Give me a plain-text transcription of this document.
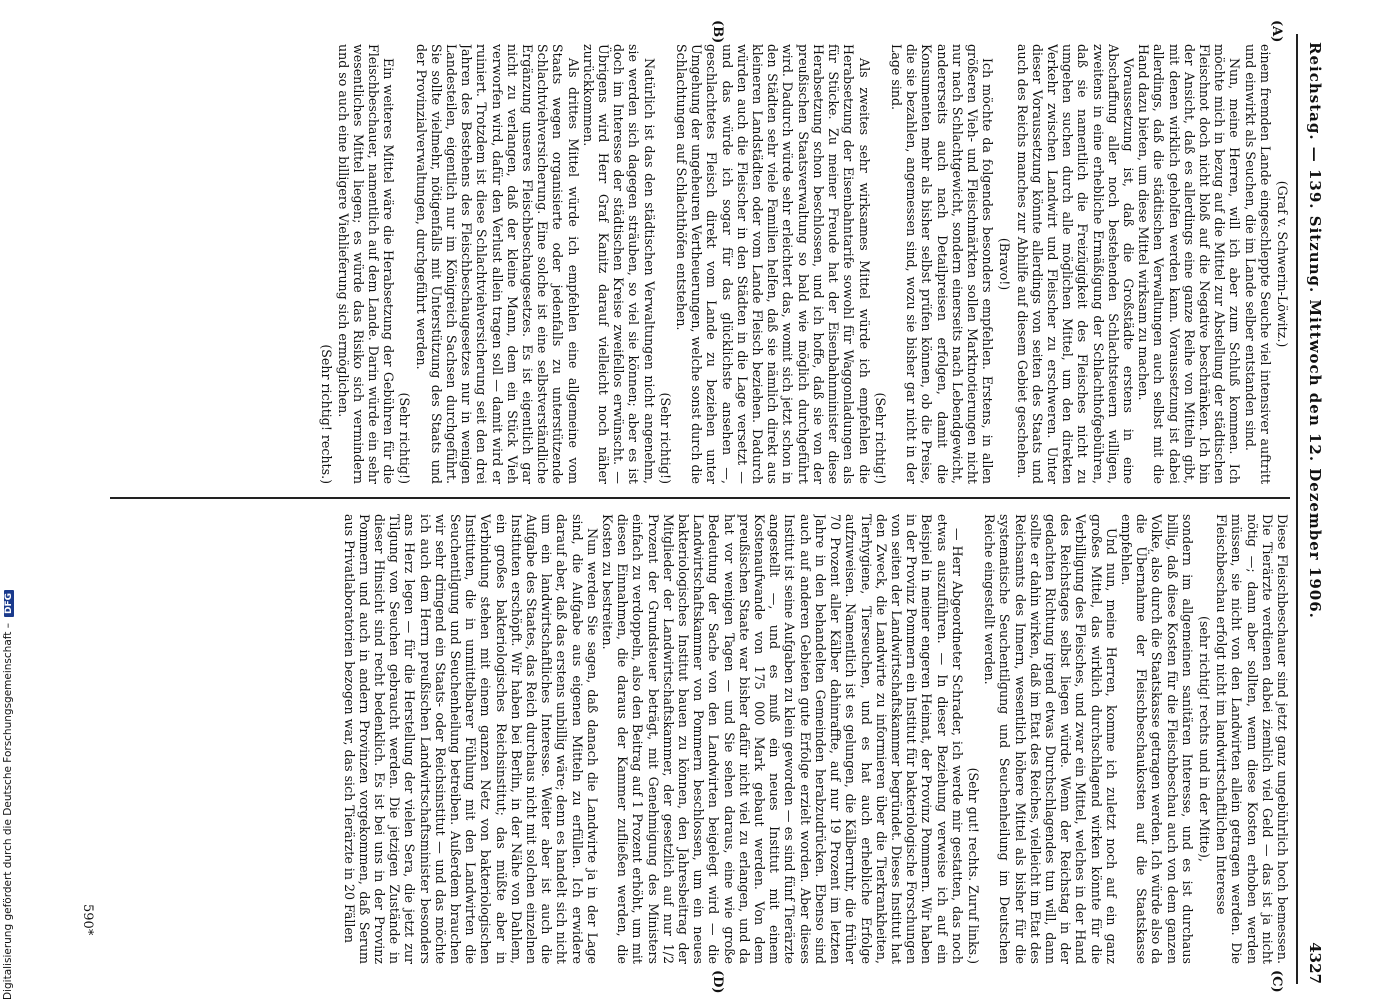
Reichstag. — 139. Sitzung. Mittwoch den 12. Dezember 1906.
4327
(A)
(B)
(C)
(D)
(Graf v. Schwerin-Löwitz.)

einem fremden Lande eingeschleppte Seuche viel intensiver auftritt und einwirkt als Seuchen, die im Lande selber entstanden sind.

Nun, meine Herren, will ich aber zum Schluß kommen. Ich möchte mich in bezug auf die Mittel zur Abstellung der städtischen Fleischnot doch nicht bloß auf die Negative beschränken. Ich bin der Ansicht, daß es allerdings eine ganze Reihe von Mitteln gibt, mit denen wirklich geholfen werden kann. Voraussetzung ist dabei allerdings, daß die städtischen Verwaltungen auch selbst mit die Hand dazu bieten, um diese Mittel wirksam zu machen.

Voraussetzung ist, daß die Großstädte erstens in eine Abschaffung aller noch bestehenden Schlachtsteuern willigen, zweitens in eine erhebliche Ermäßigung der Schlachthofgebühren, daß sie namentlich die Freizügigkeit des Fleisches nicht zu umgehen suchen durch alle möglichen Mittel, um den direkten Verkehr zwischen Landwirt und Fleischer zu erschweren. Unter dieser Voraussetzung könnte allerdings von seiten des Staats und auch des Reichs manches zur Abhilfe auf diesem Gebiet geschehen.

(Bravo!)

Ich möchte da folgendes besonders empfehlen. Erstens, in allen größeren Vieh- und Fleischmärkten sollen Marktnotierungen nicht nur nach Schlachtgewicht, sondern einerseits nach Lebendgewicht, andererseits auch nach Detailpreisen erfolgen, damit die Konsumenten mehr als bisher selbst prüfen können, ob die Preise, die sie bezahlen, angemessen sind, wozu sie bisher gar nicht in der Lage sind.

(Sehr richtig!)

Als zweites sehr wirksames Mittel würde ich empfehlen die Herabsetzung der Eisenbahntarife sowohl für Waggonladungen als für Stücke. Zu meiner Freude hat der Eisenbahnminister diese Herabsetzung schon beschlossen, und ich hoffe, daß sie von der preußischen Staatsverwaltung so bald wie möglich durchgeführt wird. Dadurch würde sehr erleichtert das, womit sich jetzt schon in den Städten sehr viele Familien helfen, daß sie nämlich direkt aus kleineren Landstädten oder vom Lande Fleisch beziehen. Dadurch würden auch die Fleischer in den Städten in die Lage versetzt — und das würde ich sogar für das glücklichste ansehen —, geschlachtetes Fleisch direkt vom Lande zu beziehen unter Umgehung der ungeheuren Vertheuerungen, welche sonst durch die Schlachtungen auf Schlachthöfen entstehen.

(Sehr richtig!)

Natürlich ist das den städtischen Verwaltungen nicht angenehm, sie werden sich dagegen sträuben, so viel sie können; aber es ist doch im Interesse der städtischen Kreise zweifellos erwünscht. — Übrigens wird Herr Graf Kanitz darauf vielleicht noch näher zurückkommen.

Als drittes Mittel würde ich empfehlen eine allgemeine vom Staats wegen organisierte oder jedenfalls zu unterstützende Schlachtviehversicherung. Eine solche ist eine selbstverständliche Ergänzung unseres Fleischbeschaugesetzes. Es ist eigentlich gar nicht zu verlangen, daß der kleine Mann, dem ein Stück Vieh verworfen wird, dafür den Verlust allein tragen soll — damit wird er ruiniert. Trotzdem ist diese Schlachtviehversicherung seit den drei Jahren des Bestehens des Fleischbeschaugesetzes nur in wenigen Landesteilen, eigentlich nur im Königreich Sachsen durchgeführt. Sie sollte vielmehr, nötigenfalls mit Unterstützung des Staats und der Provinzialverwaltungen, durchgeführt werden.

(Sehr richtig!)

Ein weiteres Mittel wäre die Herabsetzung der Gebühren für die Fleischbeschauer, namentlich auf dem Lande. Darin würde ein sehr wesentliches Mittel liegen; es würde das Risiko sich vermindern und so auch eine billigere Viehlieferung sich ermöglichen.

(Sehr richtig! rechts.)

Diese Fleischbeschauer sind jetzt ganz ungebührlich hoch bemessen. Die Tierärzte verdienen dabei ziemlich viel Geld — das ist ja nicht nötig —; dann aber sollten, wenn diese Kosten erhoben werden müssen, sie nicht von den Landwirten allein getragen werden. Die Fleischbeschau erfolgt nicht im landwirtschaftlichen Interesse

(sehr richtig! rechts und in der Mitte),

sondern im allgemeinen sanitären Interesse, und es ist durchaus billig, daß diese Kosten für die Fleischbeschau auch von dem ganzen Volke, also durch die Staatskasse getragen werden. Ich würde also da die Übernahme der Fleischbeschaukosten auf die Staatskasse empfehlen.

Und nun, meine Herren, komme ich zuletzt noch auf ein ganz großes Mittel, das wirklich durchschlagend wirken könnte für die Verbilligung des Fleisches, und zwar ein Mittel, welches in der Hand des Reichstages selbst liegen würde. Wenn der Reichstag in der gedachten Richtung irgend etwas Durchschlagendes tun will, dann sollte er dahin wirken, daß im Etat des Reiches, vielleicht im Etat des Reichsamts des Innern, wesentlich höhere Mittel als bisher für die systematische Seuchentilgung und Seuchenheilung im Deutschen Reiche eingestellt werden.

(Sehr gut! rechts. Zuruf links.)

— Herr Abgeordneter Schrader, ich werde mir gestatten, das noch etwas auszuführen. — In dieser Beziehung verweise ich auf ein Beispiel in meiner engeren Heimat, der Provinz Pommern. Wir haben in der Provinz Pommern ein Institut für bakteriologische Forschungen von seiten der Landwirtschaftskammer begründet. Dieses Institut hat den Zweck, die Landwirte zu informieren über die Tierkrankheiten, Tierhygiene, Tierseuchen, und es hat auch erhebliche Erfolge aufzuweisen. Namentlich ist es gelungen, die Kälberruhr, die früher 70 Prozent aller Kälber dahinraffte, auf nur 19 Prozent im letzten Jahre in den behandelten Gemeinden herabzudrücken. Ebenso sind auch auf anderen Gebieten gute Erfolge erzielt worden. Aber dieses Institut ist seine Aufgaben zu klein geworden — es sind fünf Tierärzte angestellt —, und es muß ein neues Institut mit einem Kostenaufwande von 175 000 Mark gebaut werden. Von dem preußischen Staate war bisher dafür nicht viel zu erlangen, und da hat vor wenigen Tagen — und Sie sehen daraus, eine wie große Bedeutung der Sache von den Landwirten beigelegt wird — die Landwirtschaftskammer von Pommern beschlossen, um ein neues bakteriologisches Institut bauen zu können, den Jahresbeitrag der Mitglieder der Landwirtschaftskammer, der gesetzlich auf nur 1/2 Prozent der Grundsteuer beträgt, mit Genehmigung des Ministers einfach zu verdoppeln, also den Beitrag auf 1 Prozent erhöht, um mit diesen Einnahmen, die daraus der Kammer zufließen werden, die Kosten zu bestreiten.

Nun werden Sie sagen, daß danach die Landwirte ja in der Lage sind, die Aufgabe aus eigenen Mitteln zu erfüllen. Ich erwidere darauf aber, daß das erstens unbillig wäre; denn es handelt sich nicht um ein landwirtschaftliches Interesse. Weiter aber ist auch die Aufgabe des Staates, das Reich durchaus nicht mit solchen einzelnen Instituten erschöpft. Wir haben bei Berlin, in der Nähe von Dahlem, ein großes bakteriologisches Reichsinstitut; das müßte aber in Verbindung stehen mit einem ganzen Netz von bakteriologischen Instituten, die in unmittelbarer Fühlung mit den Landwirten die Seuchentilgung und Seuchenheilung betreiben. Außerdem brauchen wir sehr dringend ein Staats- oder Reichsinstitut — und das möchte ich auch dem Herrn preußischen Landwirtschaftsminister besonders ans Herz legen — für die Herstellung der vielen Sera, die jetzt zur Tilgung von Seuchen gebraucht werden. Die jetzigen Zustände in dieser Hinsicht sind recht bedenklich. Es ist bei uns in der Provinz Pommern und auch in andern Provinzen vorgekommen, daß Serum aus Privatlaboratorien bezogen war, das sich Tierärzte in 20 Fällen

590*
Digitalisierung gefördert durch die Deutsche Forschungsgemeinschaft –DFG
